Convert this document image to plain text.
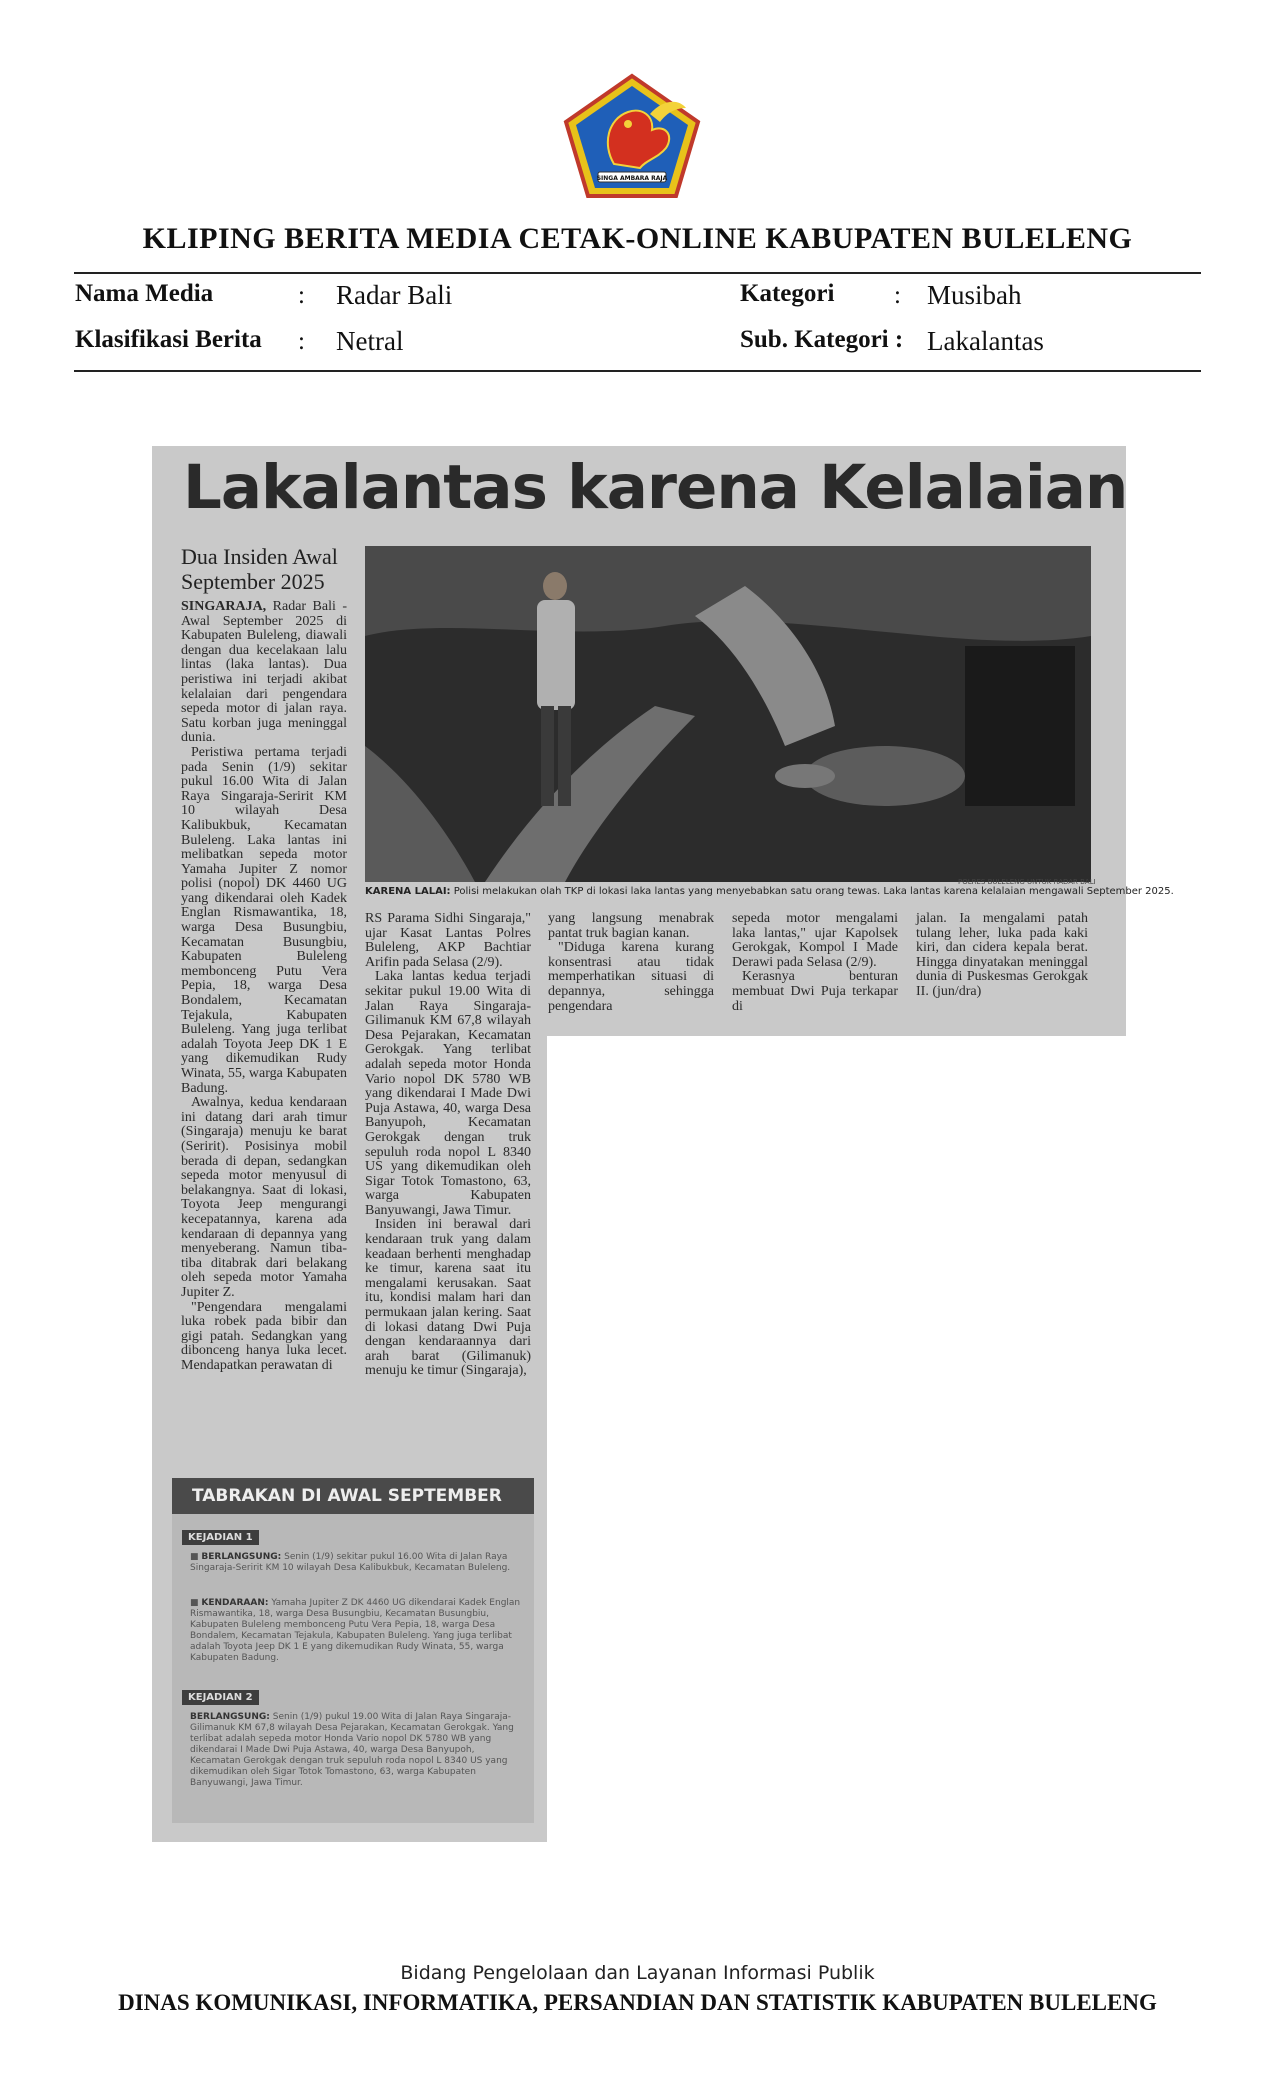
SINGA AMBARA RAJA
KLIPING BERITA MEDIA CETAK-ONLINE KABUPATEN BULELENG
Nama Media	: Radar Bali	Kategori : Musibah
Klasifikasi Berita : Netral	Sub. Kategori : Lakalantas
Lakalantas karena Kelalaian
Dua Insiden Awal September 2025
POLRES BULELENG UNTUK RADAR BALI
KARENA LALAI: Polisi melakukan olah TKP di lokasi laka lantas yang menyebabkan satu orang tewas. Laka lantas karena kelalaian mengawali September 2025.

SINGARAJA, Radar Bali - Awal September 2025 di Kabupaten Buleleng, diawali dengan dua kecelakaan lalu lintas (laka lantas). Dua peristiwa ini terjadi akibat kelalaian dari pengendara sepeda motor di jalan raya. Satu korban juga meninggal dunia.

Peristiwa pertama terjadi pada Senin (1/9) sekitar pukul 16.00 Wita di Jalan Raya Singaraja-Seririt KM 10 wilayah Desa Kalibukbuk, Kecamatan Buleleng. Laka lantas ini melibatkan sepeda motor Yamaha Jupiter Z nomor polisi (nopol) DK 4460 UG yang dikendarai oleh Kadek Englan Rismawantika, 18, warga Desa Busungbiu, Kecamatan Busungbiu, Kabupaten Buleleng membonceng Putu Vera Pepia, 18, warga Desa Bondalem, Kecamatan Tejakula, Kabupaten Buleleng. Yang juga terlibat adalah Toyota Jeep DK 1 E yang dikemudikan Rudy Winata, 55, warga Kabupaten Badung.

Awalnya, kedua kendaraan ini datang dari arah timur (Singaraja) menuju ke barat (Seririt). Posisinya mobil berada di depan, sedangkan sepeda motor menyusul di belakangnya. Saat di lokasi, Toyota Jeep mengurangi kecepatannya, karena ada kendaraan di depannya yang menyeberang. Namun tiba-tiba ditabrak dari belakang oleh sepeda motor Yamaha Jupiter Z.

"Pengendara mengalami luka robek pada bibir dan gigi patah. Sedangkan yang dibonceng hanya luka lecet. Mendapatkan perawatan di

RS Parama Sidhi Singaraja," ujar Kasat Lantas Polres Buleleng, AKP Bachtiar Arifin pada Selasa (2/9).

Laka lantas kedua terjadi sekitar pukul 19.00 Wita di Jalan Raya Singaraja-Gilimanuk KM 67,8 wilayah Desa Pejarakan, Kecamatan Gerokgak. Yang terlibat adalah sepeda motor Honda Vario nopol DK 5780 WB yang dikendarai I Made Dwi Puja Astawa, 40, warga Desa Banyupoh, Kecamatan Gerokgak dengan truk sepuluh roda nopol L 8340 US yang dikemudikan oleh Sigar Totok Tomastono, 63, warga Kabupaten Banyuwangi, Jawa Timur.

Insiden ini berawal dari kendaraan truk yang dalam keadaan berhenti menghadap ke timur, karena saat itu mengalami kerusakan. Saat itu, kondisi malam hari dan permukaan jalan kering. Saat di lokasi datang Dwi Puja dengan kendaraannya dari arah barat (Gilimanuk) menuju ke timur (Singaraja),

yang langsung menabrak pantat truk bagian kanan.

"Diduga karena kurang konsentrasi atau tidak memperhatikan situasi di depannya, sehingga pengendara

sepeda motor mengalami laka lantas," ujar Kapolsek Gerokgak, Kompol I Made Derawi pada Selasa (2/9).

Kerasnya benturan membuat Dwi Puja terkapar di

jalan. Ia mengalami patah tulang leher, luka pada kaki kiri, dan cidera kepala berat. Hingga dinyatakan meninggal dunia di Puskesmas Gerokgak II. (jun/dra)

TABRAKAN DI AWAL SEPTEMBER
KEJADIAN 1
■ BERLANGSUNG: Senin (1/9) sekitar pukul 16.00 Wita di Jalan Raya Singaraja-Seririt KM 10 wilayah Desa Kalibukbuk, Kecamatan Buleleng.
■ KENDARAAN: Yamaha Jupiter Z DK 4460 UG dikendarai Kadek Englan Rismawantika, 18, warga Desa Busungbiu, Kecamatan Busungbiu, Kabupaten Buleleng membonceng Putu Vera Pepia, 18, warga Desa Bondalem, Kecamatan Tejakula, Kabupaten Buleleng. Yang juga terlibat adalah Toyota Jeep DK 1 E yang dikemudikan Rudy Winata, 55, warga Kabupaten Badung.
KEJADIAN 2
BERLANGSUNG: Senin (1/9) pukul 19.00 Wita di Jalan Raya Singaraja-Gilimanuk KM 67,8 wilayah Desa Pejarakan, Kecamatan Gerokgak. Yang terlibat adalah sepeda motor Honda Vario nopol DK 5780 WB yang dikendarai I Made Dwi Puja Astawa, 40, warga Desa Banyupoh, Kecamatan Gerokgak dengan truk sepuluh roda nopol L 8340 US yang dikemudikan oleh Sigar Totok Tomastono, 63, warga Kabupaten Banyuwangi, Jawa Timur.
Bidang Pengelolaan dan Layanan Informasi Publik
DINAS KOMUNIKASI, INFORMATIKA, PERSANDIAN DAN STATISTIK KABUPATEN BULELENG
